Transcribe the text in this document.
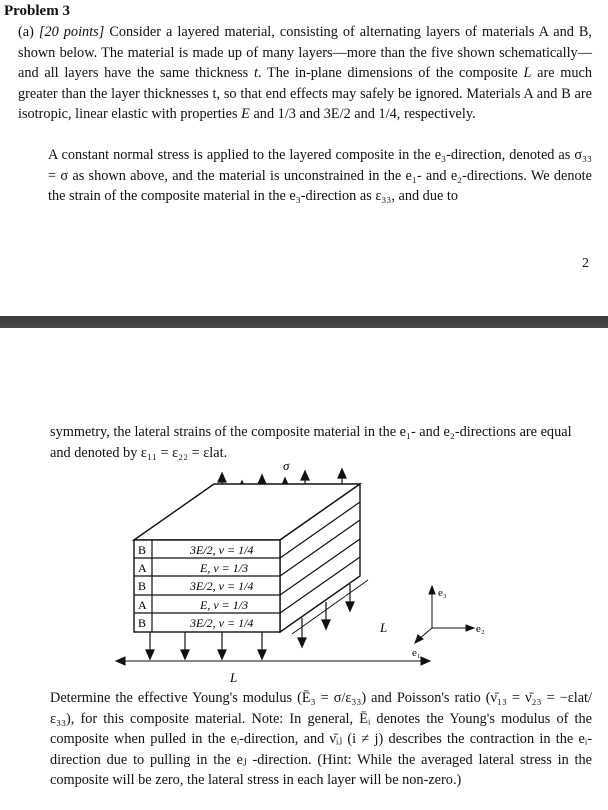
Problem 3
(a) [20 points] Consider a layered material, consisting of alternating layers of materials A and B, shown below. The material is made up of many layers—more than the five shown schematically—and all layers have the same thickness t. The in-plane dimensions of the composite L are much greater than the layer thicknesses t, so that end effects may safely be ignored. Materials A and B are isotropic, linear elastic with properties E and 1/3 and 3E/2 and 1/4, respectively.
A constant normal stress is applied to the layered composite in the e₃-direction, denoted as σ₃₃ = σ as shown above, and the material is unconstrained in the e₁- and e₂-directions. We denote the strain of the composite material in the e₃-direction as ε₃₃, and due to
2
symmetry, the lateral strains of the composite material in the e₁- and e₂-directions are equal and denoted by ε₁₁ = ε₂₂ = εlat.
σ
B	3E/2, ν = 1/4
A	E, ν = 1/3
B	3E/2, ν = 1/4
A	E, ν = 1/3
B	3E/2, ν = 1/4	L
L
e₃
e₂
e₁
Determine the effective Young's modulus (Ē₃ = σ/ε₃₃) and Poisson's ratio (ν̄₁₃ = ν̄₂₃ = −εlat/ε₃₃), for this composite material. Note: In general, Ēᵢ denotes the Young's modulus of the composite when pulled in the eᵢ-direction, and ν̄ᵢⱼ (i ≠ j) describes the contraction in the eᵢ-direction due to pulling in the eⱼ -direction. (Hint: While the averaged lateral stress in the composite will be zero, the lateral stress in each layer will be non-zero.)
